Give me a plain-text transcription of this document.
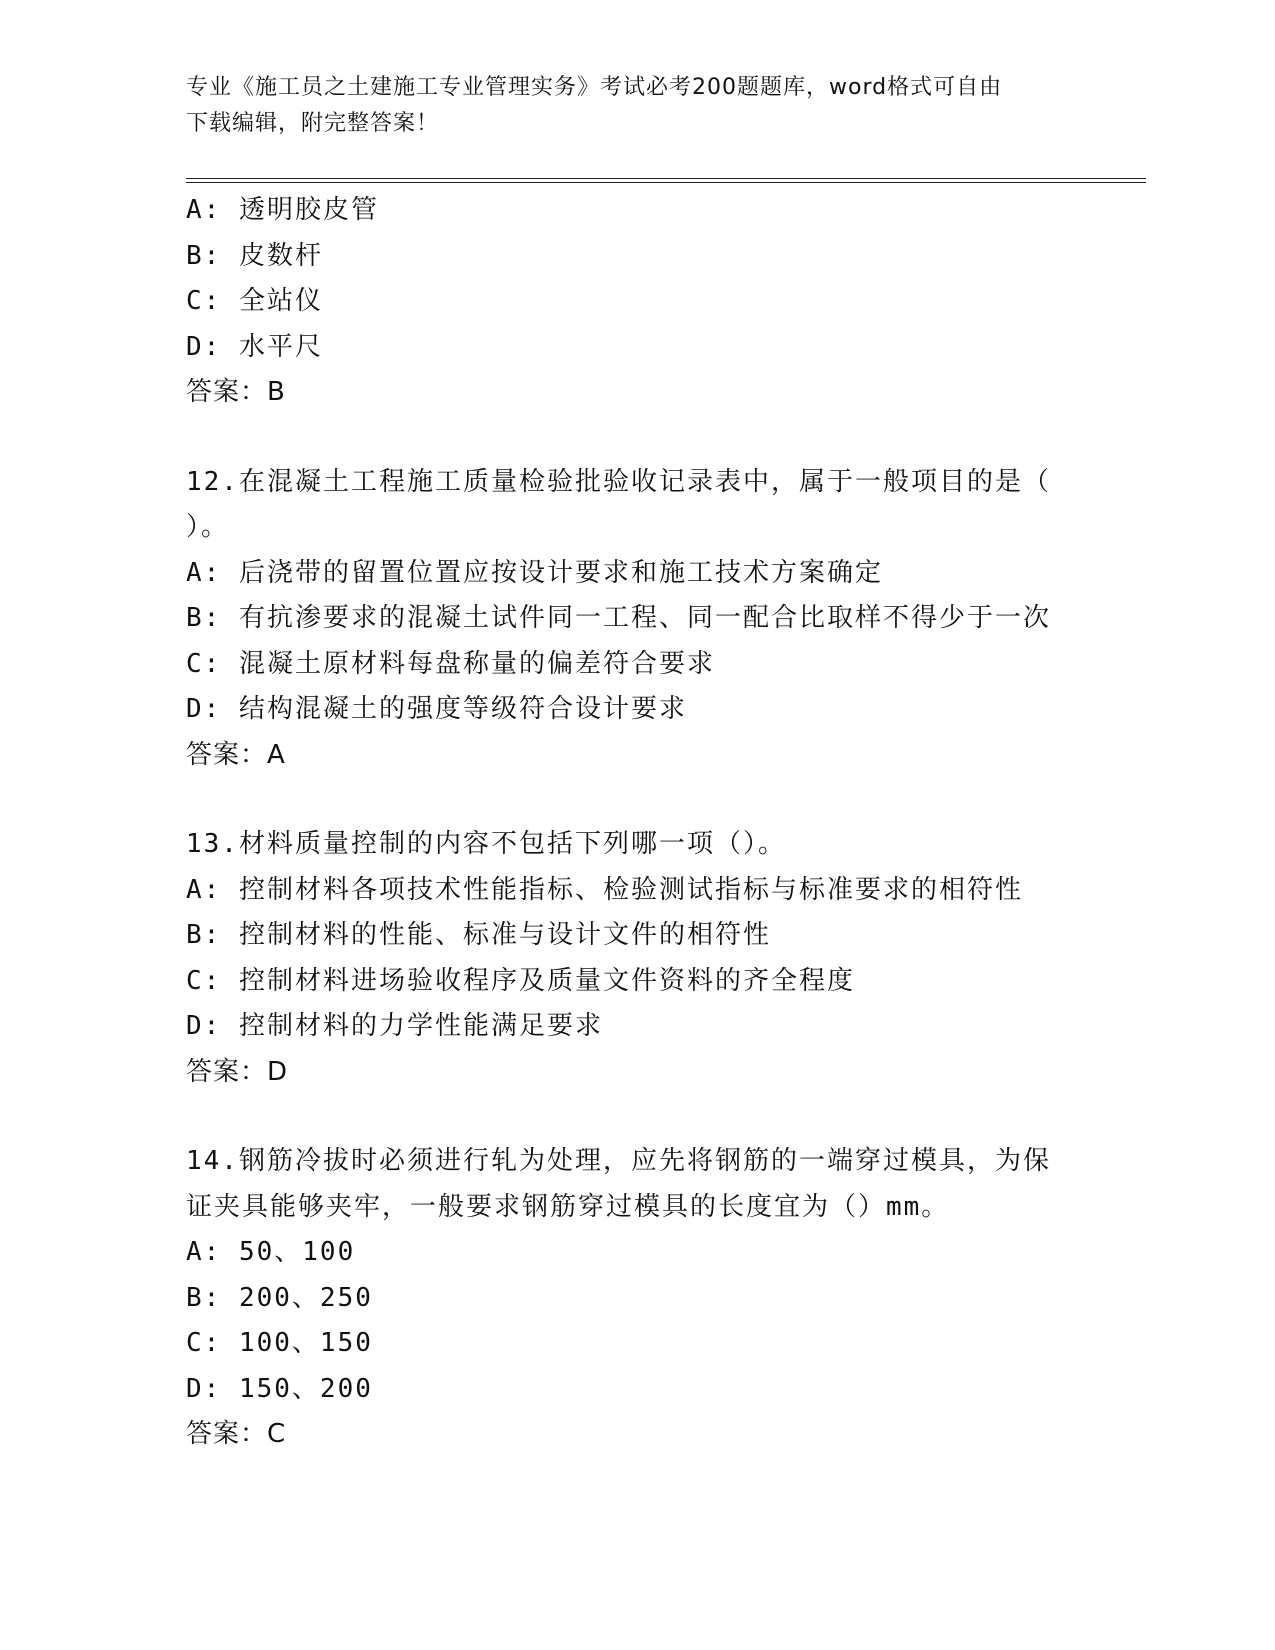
专业《施工员之土建施工专业管理实务》考试必考200题题库，word格式可自由
下载编辑，附完整答案！
A: 透明胶皮管
B: 皮数杆
C: 全站仪
D: 水平尺
答案：B
12.在混凝土工程施工质量检验批验收记录表中，属于一般项目的是（
）。
A: 后浇带的留置位置应按设计要求和施工技术方案确定
B: 有抗渗要求的混凝土试件同一工程、同一配合比取样不得少于一次
C: 混凝土原材料每盘称量的偏差符合要求
D: 结构混凝土的强度等级符合设计要求
答案：A
13.材料质量控制的内容不包括下列哪一项（）。
A: 控制材料各项技术性能指标、检验测试指标与标准要求的相符性
B: 控制材料的性能、标准与设计文件的相符性
C: 控制材料进场验收程序及质量文件资料的齐全程度
D: 控制材料的力学性能满足要求
答案：D
14.钢筋冷拔时必须进行轧为处理，应先将钢筋的一端穿过模具，为保
证夹具能够夹牢，一般要求钢筋穿过模具的长度宜为（）mm。
A: 50、100
B: 200、250
C: 100、150
D: 150、200
答案：C
